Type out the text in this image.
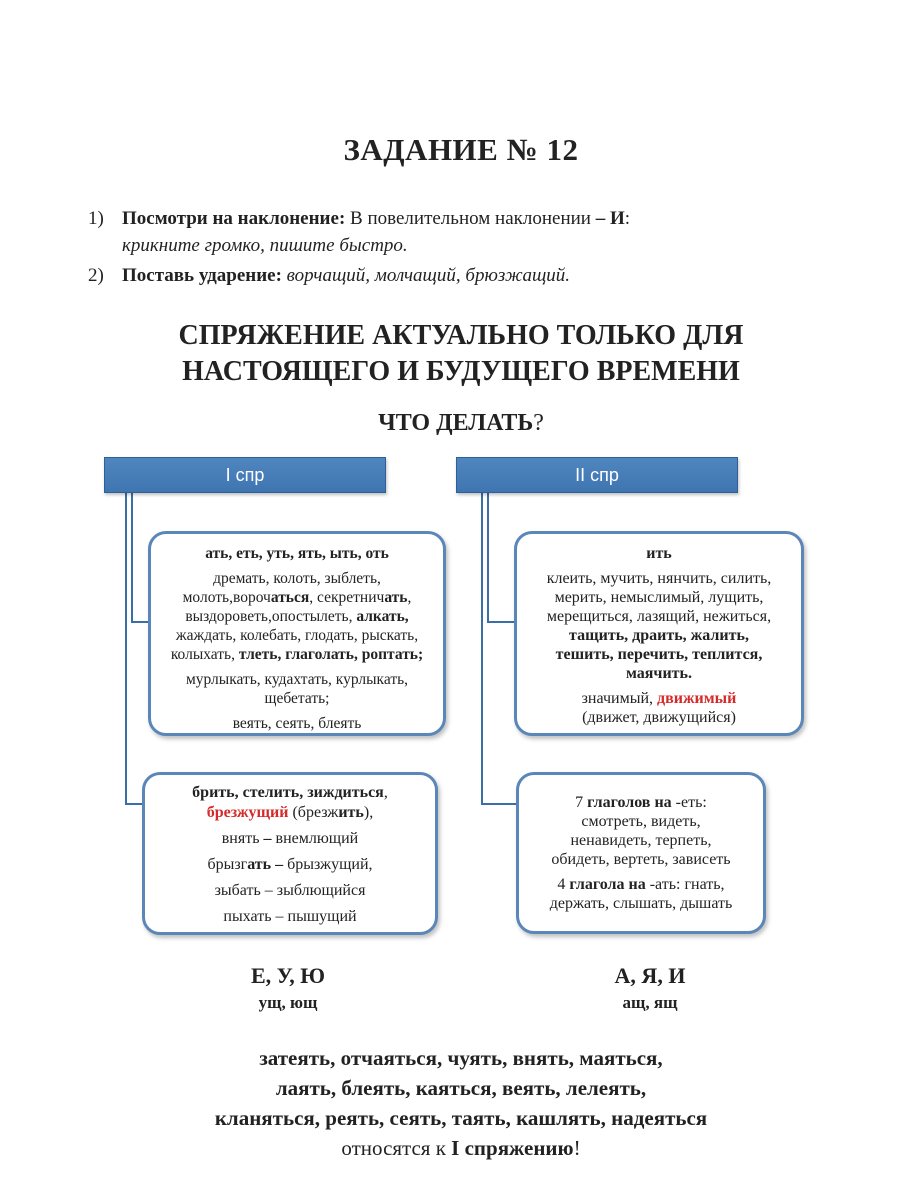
ЗАДАНИЕ № 12
1) Посмотри на наклонение: В повелительном наклонении – И:
крикните громко, пишите быстро.
2) Поставь ударение: ворчащий, молчащий, брюзжащий.
СПРЯЖЕНИЕ АКТУАЛЬНО ТОЛЬКО ДЛЯ
НАСТОЯЩЕГО И БУДУЩЕГО ВРЕМЕНИ
ЧТО ДЕЛАТЬ?
I спр	II спр

ать, еть, уть, ять, ыть, оть

дремать, колоть, зыблеть,

молоть,ворочаться, секретничать,

выздороветь,опостылеть, алкать,

жаждать, колебать, глодать, рыскать,

колыхать, тлеть, глаголать, роптать;

мурлыкать, кудахтать, курлыкать,

щебетать;

веять, сеять, блеять

брить, стелить, зиждиться,

брезжущий (брезжить),

внять – внемлющий

брызгать – брызжущий,

зыбать – зыблющийся

пыхать – пышущий

ить

клеить, мучить, нянчить, силить,

мерить, немыслимый, лущить,

мерещиться, лазящий, нежиться,

тащить, драить, жалить,

тешить, перечить, теплится,

маячить.

значимый, движимый

(движет, движущийся)

7 глаголов на -еть:

смотреть, видеть,

ненавидеть, терпеть,

обидеть, вертеть, зависеть

4 глагола на -ать: гнать,

держать, слышать, дышать

Е, У, Ю
ущ, ющ
А, Я, И
ащ, ящ
затеять, отчаяться, чуять, внять, маяться,
лаять, блеять, каяться, веять, лелеять,
кланяться, реять, сеять, таять, кашлять, надеяться
относятся к I спряжению!
